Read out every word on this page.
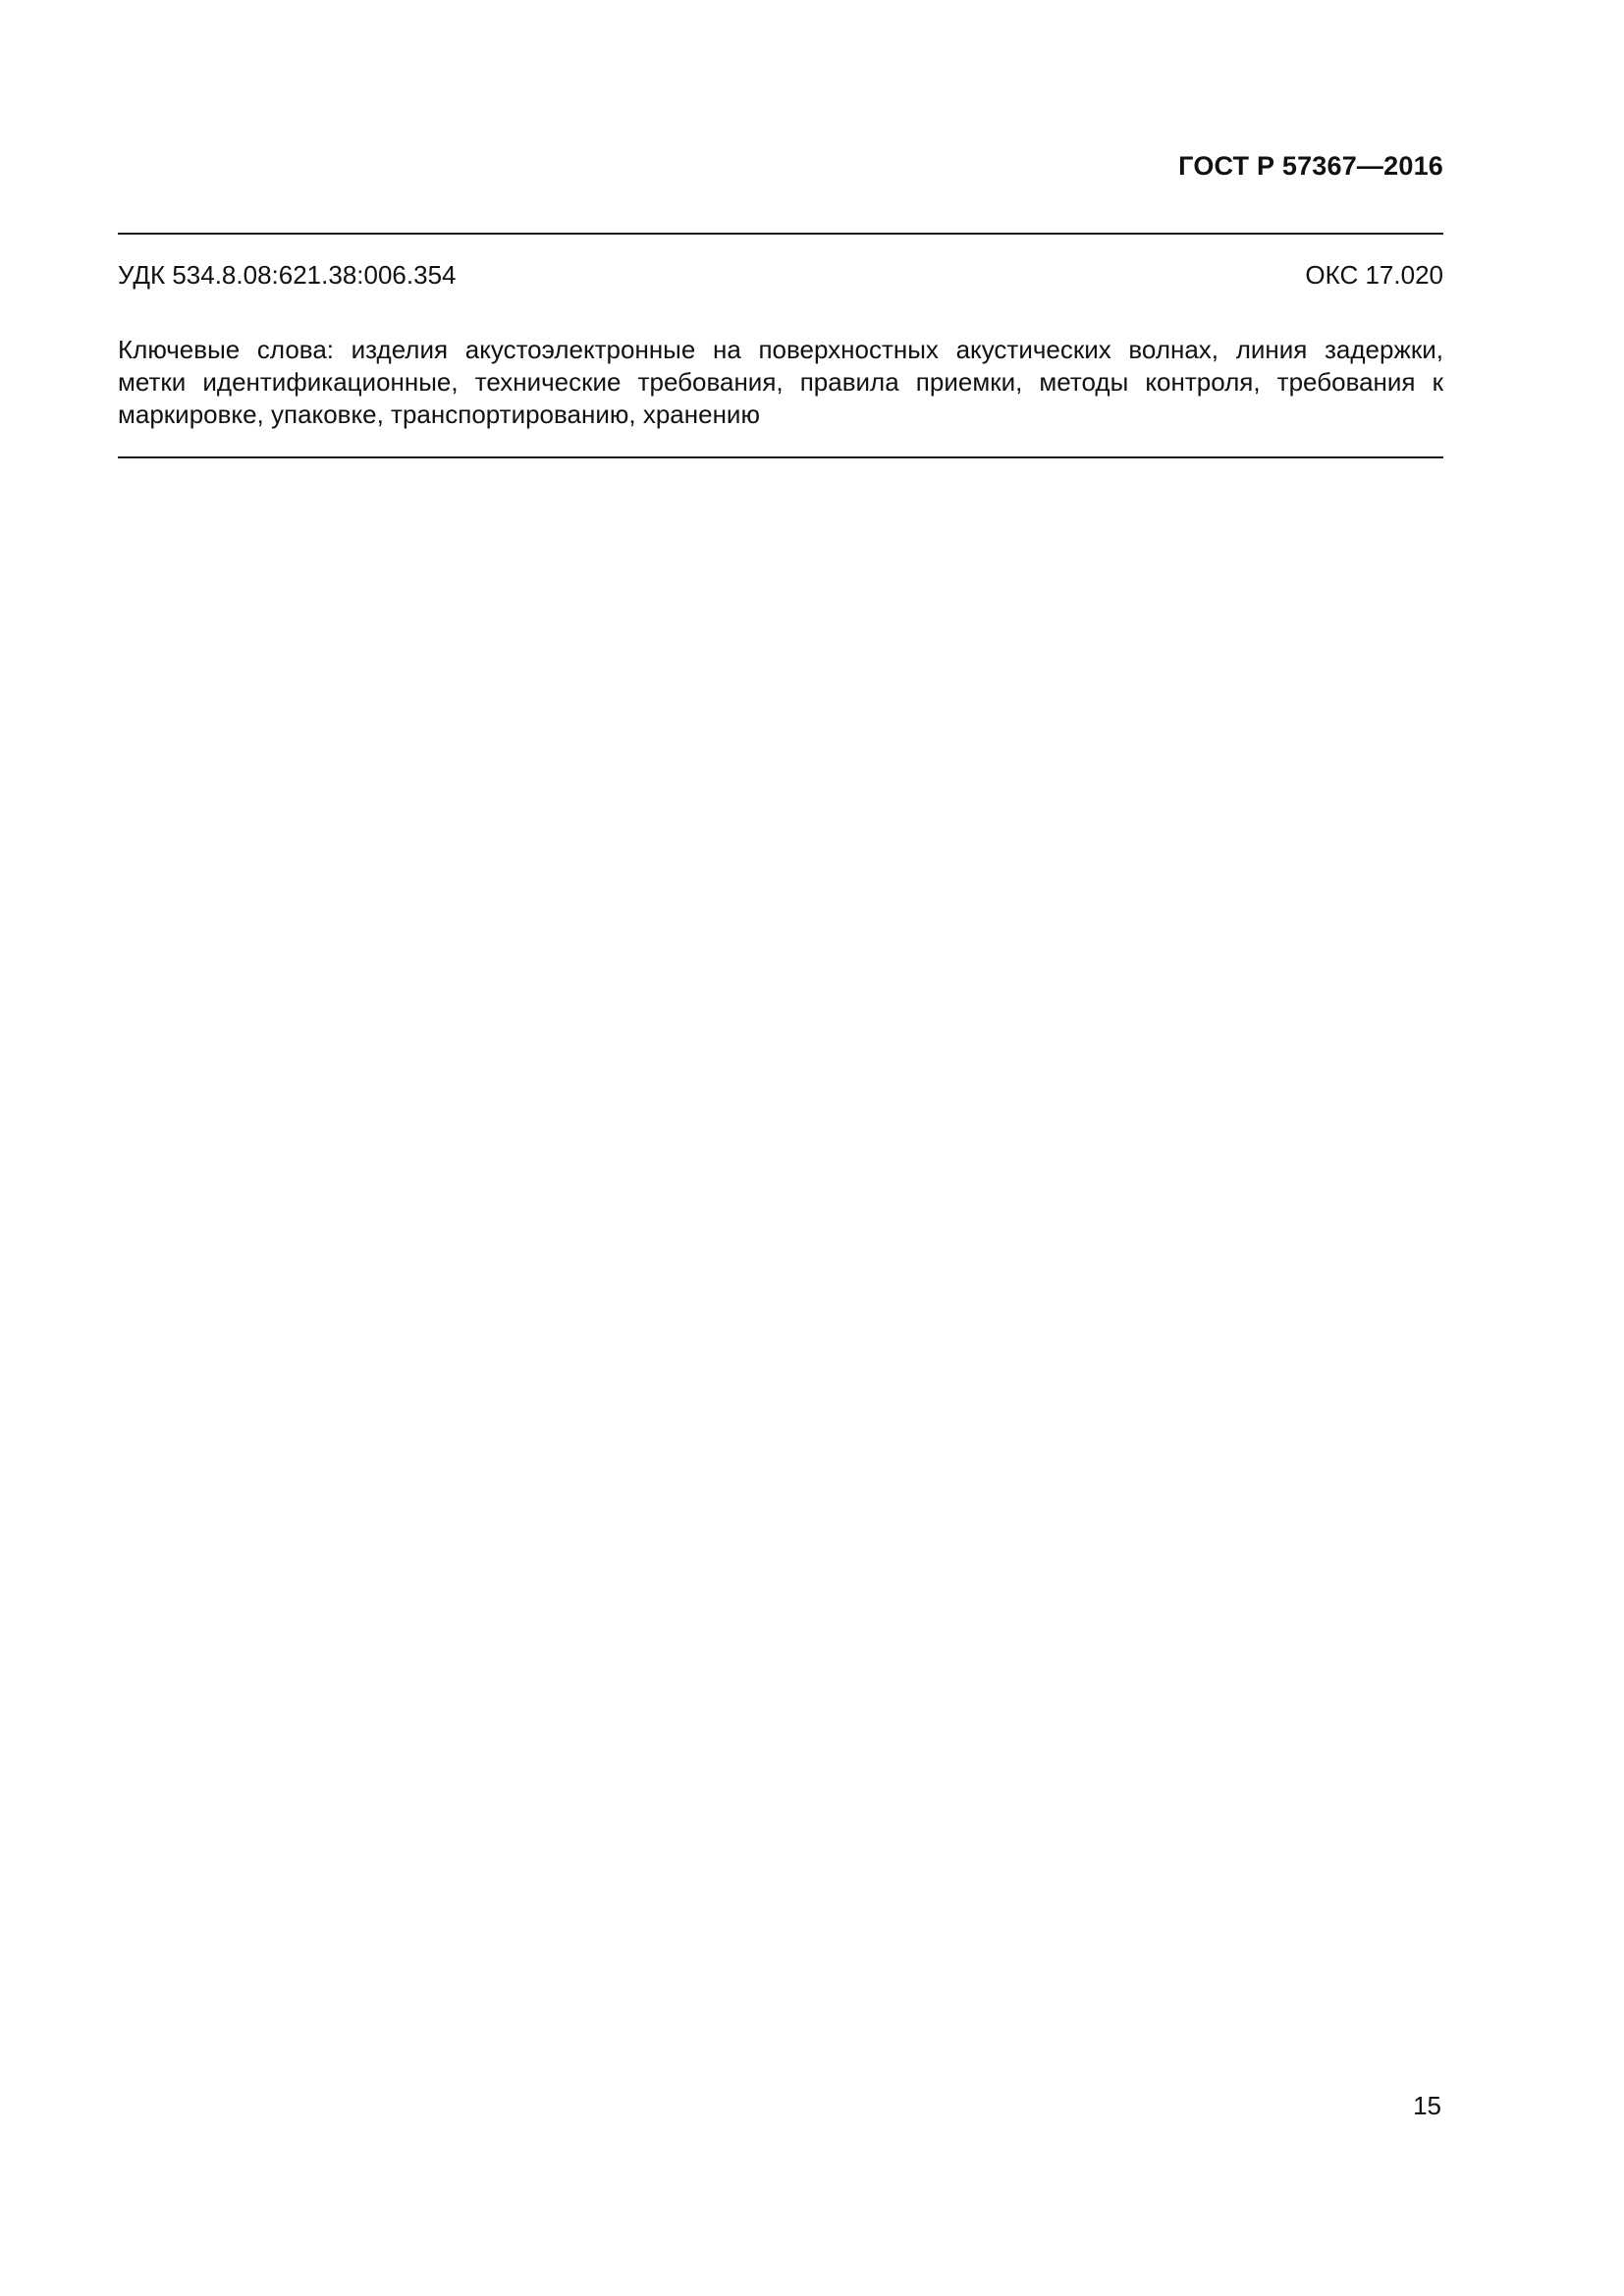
ГОСТ Р 57367—2016
УДК 534.8.08:621.38:006.354	ОКС 17.020
Ключевые слова: изделия акустоэлектронные на поверхностных акустических волнах, линия задержки,
метки идентификационные, технические требования, правила приемки, методы контроля, требования к
маркировке, упаковке, транспортированию, хранению
15
